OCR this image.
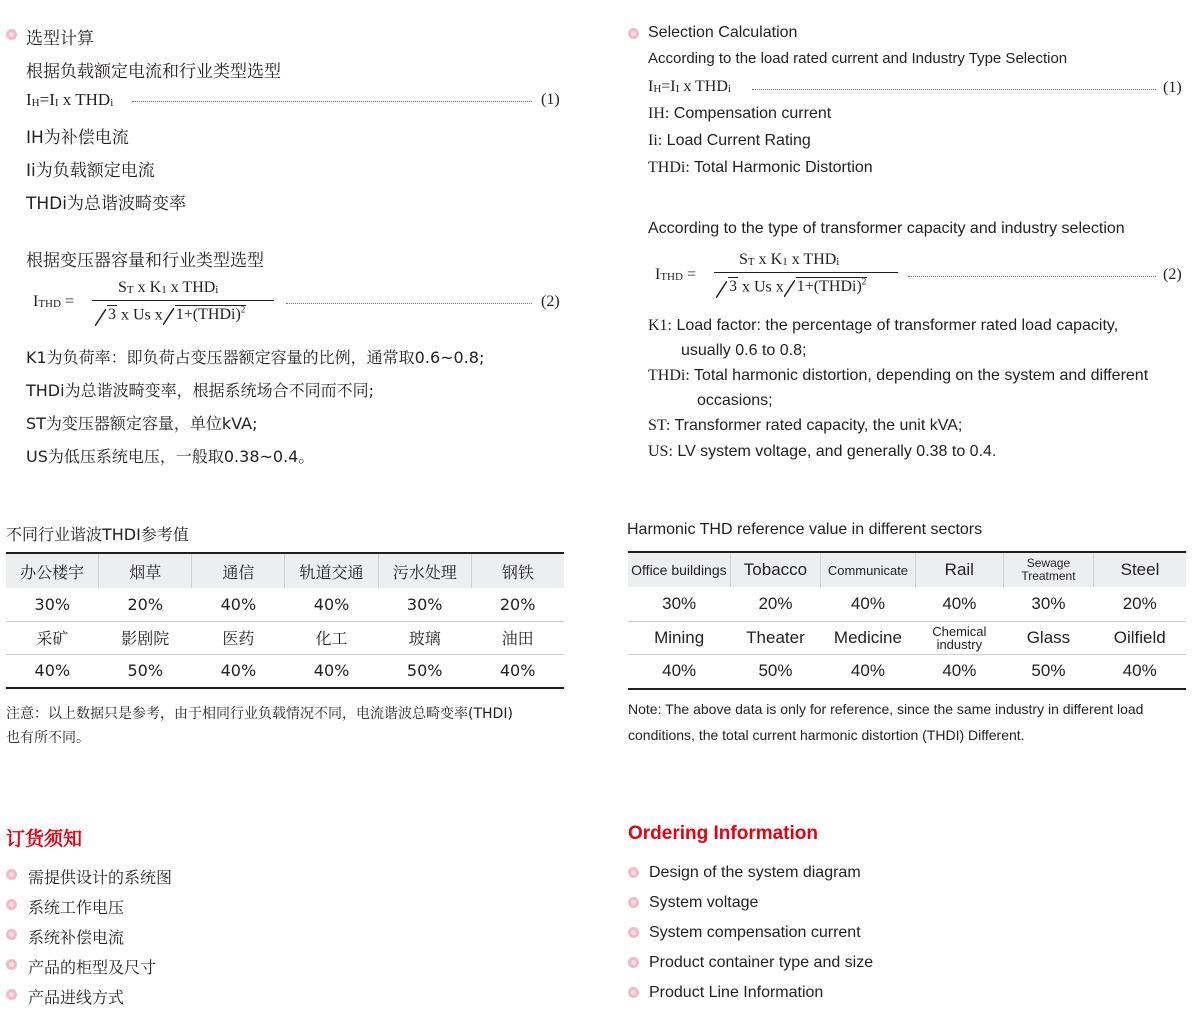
选型计算
根据负载额定电流和行业类型选型
IH=II x THDi	(1)
IH为补偿电流
Ii为负载额定电流
THDi为总谐波畸变率
根据变压器容量和行业类型选型
ITHD =
ST x K1 x THDi
3 x Us x 1+(THDi)$^2$	(2)
K1为负荷率：即负荷占变压器额定容量的比例，通常取0.6~0.8;
THDi为总谐波畸变率，根据系统场合不同而不同;
ST为变压器额定容量，单位kVA;
US为低压系统电压，一般取0.38~0.4。
不同行业谐波THDI参考值
办公楼宇	烟草	通信	轨道交通	污水处理	钢铁
30%	20%	40%	40%	30%	20%
采矿	影剧院	医药	化工	玻璃	油田
40%	50%	40%	40%	50%	40%
注意：以上数据只是参考，由于相同行业负载情况不同，电流谐波总畸变率(THDI)
也有所不同。
订货须知
需提供设计的系统图
系统工作电压
系统补偿电流
产品的柜型及尺寸
产品进线方式
Selection Calculation
According to the load rated current and Industry Type Selection
IH=II x THDi	(1)
IH: Compensation current
Ii: Load Current Rating
THDi: Total Harmonic Distortion
According to the type of transformer capacity and industry selection
ITHD =
ST x K1 x THDi
3 x Us x 1+(THDi)$^2$	(2)
K1: Load factor: the percentage of transformer rated load capacity,
usually 0.6 to 0.8;
THDi: Total harmonic distortion, depending on the system and different
occasions;
ST: Transformer rated capacity, the unit kVA;
US: LV system voltage, and generally 0.38 to 0.4.
Harmonic THD reference value in different sectors
Office buildings	Tobacco	Communicate	Rail	Sewage Treatment	Steel
30%	20%	40%	40%	30%	20%
Mining	Theater	Medicine	Chemical industry	Glass	Oilfield
40%	50%	40%	40%	50%	40%
Note: The above data is only for reference, since the same industry in different load
conditions, the total current harmonic distortion (THDI) Different.
Ordering Information
Design of the system diagram
System voltage
System compensation current
Product container type and size
Product Line Information
